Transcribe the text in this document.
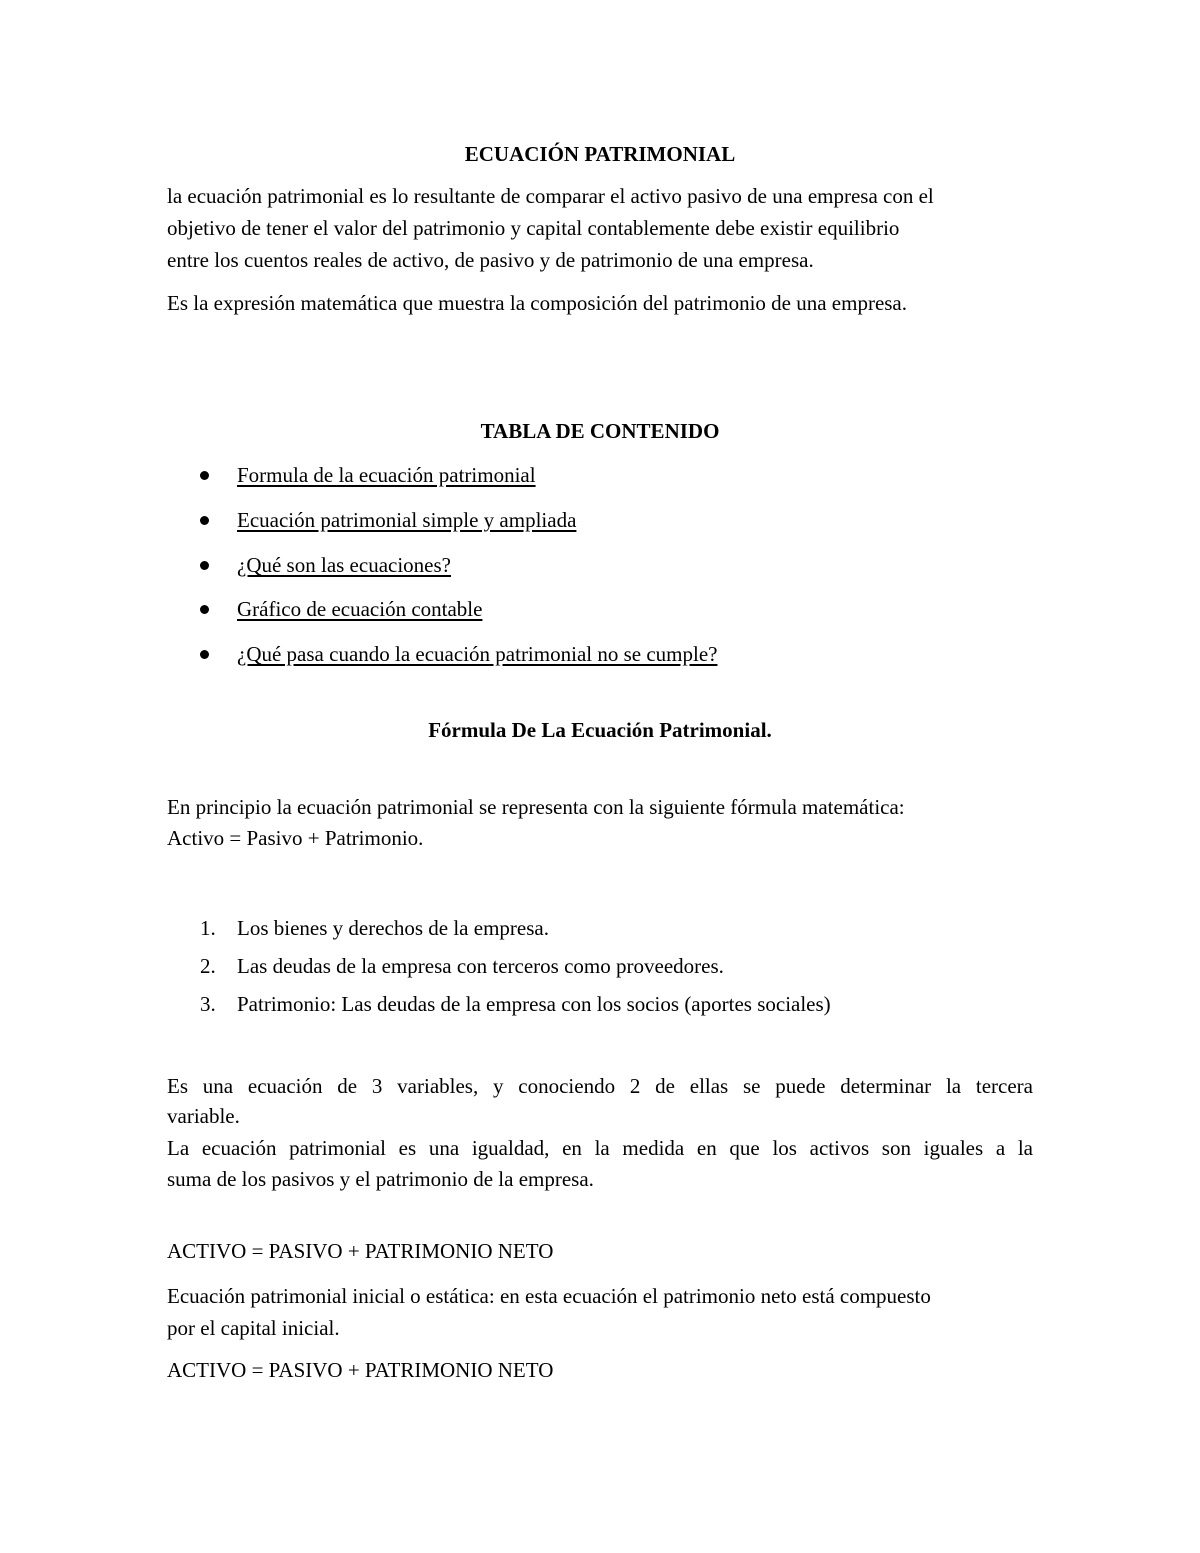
ECUACIÓN PATRIMONIAL
la ecuación patrimonial es lo resultante de comparar el activo pasivo de una empresa con el
objetivo de tener el valor del patrimonio y capital contablemente debe existir equilibrio
entre los cuentos reales de activo, de pasivo y de patrimonio de una empresa.
Es la expresión matemática que muestra la composición del patrimonio de una empresa.
TABLA DE CONTENIDO
Formula de la ecuación patrimonial
Ecuación patrimonial simple y ampliada
¿Qué son las ecuaciones?
Gráfico de ecuación contable
¿Qué pasa cuando la ecuación patrimonial no se cumple?
Fórmula De La Ecuación Patrimonial.
En principio la ecuación patrimonial se representa con la siguiente fórmula matemática:
Activo = Pasivo + Patrimonio.
1. Los bienes y derechos de la empresa.
2. Las deudas de la empresa con terceros como proveedores.
3. Patrimonio: Las deudas de la empresa con los socios (aportes sociales)
Es una ecuación de 3 variables, y conociendo 2 de ellas se puede determinar la tercera
variable.
La ecuación patrimonial es una igualdad, en la medida en que los activos son iguales a la
suma de los pasivos y el patrimonio de la empresa.
ACTIVO = PASIVO + PATRIMONIO NETO
Ecuación patrimonial inicial o estática: en esta ecuación el patrimonio neto está compuesto
por el capital inicial.
ACTIVO = PASIVO + PATRIMONIO NETO
